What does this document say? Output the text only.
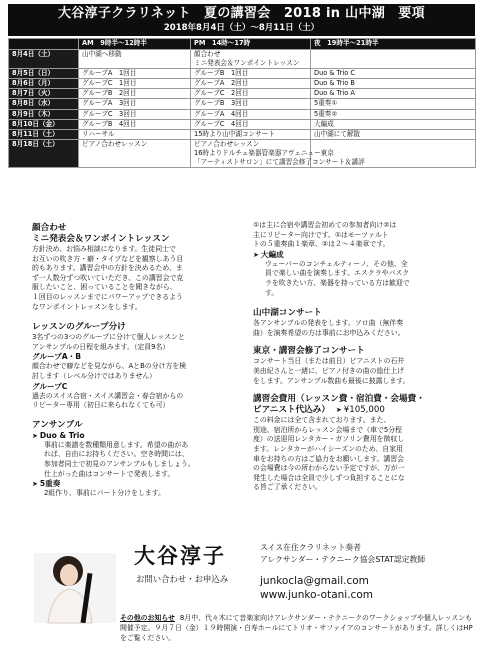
大谷淳子クラリネット　夏の講習会　2018 in 山中湖　要項
2018年8月4日（土）〜8月11日（土）
	AM　9時半〜12時半	PM　14時〜17時	夜　19時半〜21時半

8月4日（土）	山中湖へ移動	顔合わせ
ミニ発表会＆ワンポイントレッスン	

8月5日（日）	グループA　1回目	グループB　1回目	Duo & Trio C

8月6日（月）	グループC　1回目	グループA　2回目	Duo & Trio B

8月7日（火）	グループB　2回目	グループC　2回目	Duo & Trio A

8月8日（水）	グループA　3回目	グループB　3回目	5重奏①

8月9日（木）	グループC　3回目	グループA　4回目	5重奏②

8月10日（金）	グループB　4回目	グループC　4回目	大編成

8月11日（土）	リハーサル	15時より山中湖コンサート	山中湖にて解散

8月18日（土）	ピアノ合わせレッスン	ピアノ合わせレッスン
16時よりドルチェ楽器管楽器アヴェニュー東京
「アーティストサロン」にて講習会修了コンサート＆講評	

顔合わせ
ミニ発表会＆ワンポイントレッスン
方針決め、お悩み相談になります。生徒同士で
お互いの吹き方・癖・タイプなどを観察しあう目
的もあります。講習会中の方針を決めるため、ま
ず一人数分ずつ吹いていただき、この講習会で克
服したいこと、困っていることを聞きながら、
１回目のレッスンまでにパワーアップできるよう
なワンポイントレッスンをします。
レッスンのグループ分け
3名ずつの3つのグループに分けて個人レッスンと
アンサンブルの日程を組みます。（定員9名）
グループA・B
顔合わせで癖などを見ながら、AとBの分け方を検
討します（レベル分けではありません）
グループC
過去のスイス合宿・スイス講習会・春合宿からの
リピーター専用（初日に来られなくても可）
アンサンブル
➤ Duo & Trio
事前に楽譜を数種類用意します。希望の曲があ
れば、自由にお持ちください。空き時間には、
参加者同士で初見のアンサンブルもしましょう。
仕上がった曲はコンサートで発表します。
➤ 5重奏
2組作り、事前にパート分けをします。
①は主に合宿や講習会初めての参加者向け②は
主にリピーター向けです。①はモーツァルト
トの５重奏曲１楽章、②は２〜４楽章です。
➤ 大編成
ウェーバーのコンチェルティーノ、その他、全
員で楽しい曲を演奏します。エスクラやバスク
ラを吹きたい方、楽器を持っている方は歓迎で
す。
山中湖コンサート
各アンサンブルの発表をします。ソロ曲（無伴奏
曲）を演奏希望の方は事前にお申込みください。
東京・講習会修了コンサート
コンサート当日（または前日）ピアニストの石井
美由紀さんと一緒に、ピアノ付きの曲の総仕上げ
をします。アンサンブル数曲も最後に披露します。
講習会費用（レッスン費・宿泊費・会場費・
ピアニスト代込み） ➤ ¥105,000
この料金には全て含まれております。また、
別途、宿泊所からレッスン会場まで（車で5分程
度）の送迎用レンタカー・ガソリン費用を徴収し
ます。レンタカーがハイシーズンのため、自家用
車をお持ちの方はご協力をお願いします。講習会
の会場費は今の所わからない予定ですが、万が一
発生した場合は全員で少しずつ負担することにな
る旨ご了承ください。
大谷淳子
お問い合わせ・お申込み
スイス在住クラリネット奏者
アレクサンダー・テクニーク協会STAT認定教師
junkocla@gmail.com
www.junko-otani.com
その他のお知らせ 8月中、代々木にて音楽家向けアレクサンダー・テクニークのワークショップや個人レッスンも開催予定。９月７日（金）１９時開演・白寿ホールにてトリオ・サファイアのコンサートがあります。詳しくはHPをご覧ください。
